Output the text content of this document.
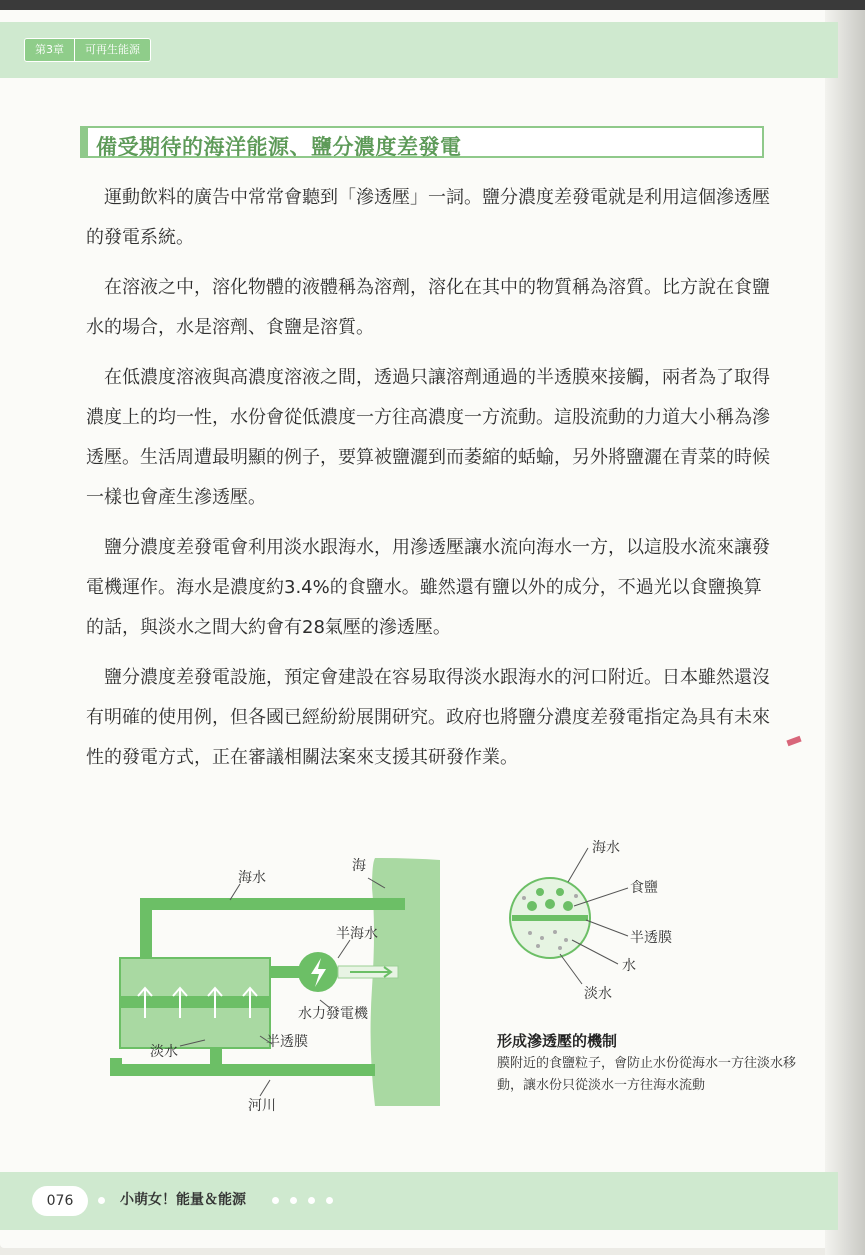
第3章	可再生能源
備受期待的海洋能源、鹽分濃度差發電

運動飲料的廣告中常常會聽到「滲透壓」一詞。鹽分濃度差發電就是利用這個滲透壓的發電系統。

在溶液之中，溶化物體的液體稱為溶劑，溶化在其中的物質稱為溶質。比方說在食鹽水的場合，水是溶劑、食鹽是溶質。

在低濃度溶液與高濃度溶液之間，透過只讓溶劑通過的半透膜來接觸，兩者為了取得濃度上的均一性，水份會從低濃度一方往高濃度一方流動。這股流動的力道大小稱為滲透壓。生活周遭最明顯的例子，要算被鹽灑到而萎縮的蛞蝓，另外將鹽灑在青菜的時候一樣也會產生滲透壓。

鹽分濃度差發電會利用淡水跟海水，用滲透壓讓水流向海水一方，以這股水流來讓發電機運作。海水是濃度約3.4%的食鹽水。雖然還有鹽以外的成分，不過光以食鹽換算的話，與淡水之間大約會有28氣壓的滲透壓。

鹽分濃度差發電設施，預定會建設在容易取得淡水跟海水的河口附近。日本雖然還沒有明確的使用例，但各國已經紛紛展開研究。政府也將鹽分濃度差發電指定為具有未來性的發電方式，正在審議相關法案來支援其研發作業。

海水
海
半海水
水力發電機
半透膜
淡水
河川
海水
食鹽
半透膜
水
淡水
形成滲透壓的機制
膜附近的食鹽粒子，會防止水份從海水一方往淡水移動，讓水份只從淡水一方往海水流動
076	小萌女！能量＆能源
